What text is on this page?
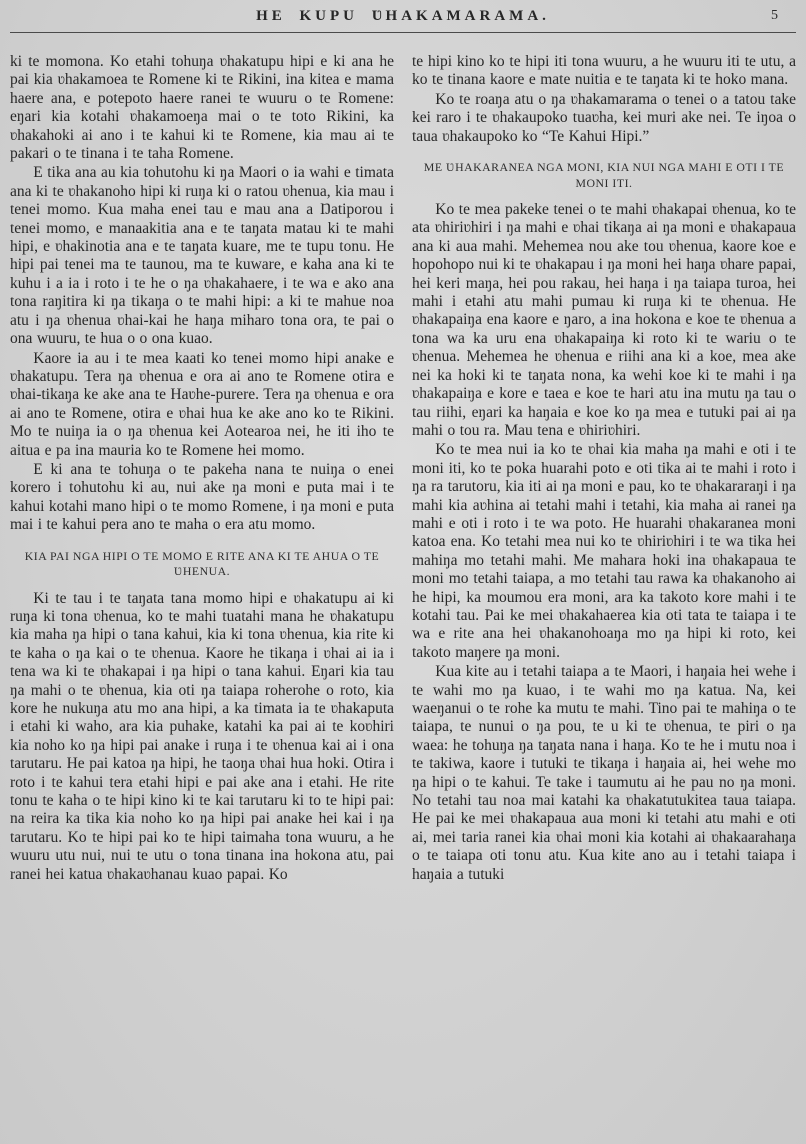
HE KUPU ƲHAKAMARAMA.	5

ki te momona. Ko etahi tohuŋa ʋhakatupu hipi e ki ana he pai kia ʋhakamoea te Romene ki te Rikini, ina kitea e mama haere ana, e potepoto haere ranei te wuuru o te Romene: eŋari kia kotahi ʋhakamoeŋa mai o te toto Rikini, ka ʋhakahoki ai ano i te kahui ki te Romene, kia mau ai te pakari o te tinana i te taha Romene.

E tika ana au kia tohutohu ki ŋa Maori o ia wahi e timata ana ki te ʋhakanoho hipi ki ruŋa ki o ratou ʋhenua, kia mau i tenei momo. Kua maha enei tau e mau ana a Ŋatiporou i tenei momo, e manaakitia ana e te taŋata matau ki te mahi hipi, e ʋhakinotia ana e te taŋata kuare, me te tupu tonu. He hipi pai tenei ma te taunou, ma te kuware, e kaha ana ki te kuhu i a ia i roto i te he o ŋa ʋhakahaere, i te wa e ako ana tona raŋitira ki ŋa tikaŋa o te mahi hipi: a ki te mahue noa atu i ŋa ʋhenua ʋhai-kai he haŋa miharo tona ora, te pai o ona wuuru, te hua o o ona kuao.

Kaore ia au i te mea kaati ko tenei momo hipi anake e ʋhakatupu. Tera ŋa ʋhenua e ora ai ano te Romene otira e ʋhai-tikaŋa ke ake ana te Haʋhe-purere. Tera ŋa ʋhenua e ora ai ano te Romene, otira e ʋhai hua ke ake ano ko te Rikini. Mo te nuiŋa ia o ŋa ʋhenua kei Aotearoa nei, he iti iho te aitua e pa ina mauria ko te Romene hei momo.

E ki ana te tohuŋa o te pakeha nana te nuiŋa o enei korero i tohutohu ki au, nui ake ŋa moni e puta mai i te kahui kotahi mano hipi o te momo Romene, i ŋa moni e puta mai i te kahui pera ano te maha o era atu momo.

KIA PAI NGA HIPI O TE MOMO E RITE ANA KI TE AHUA O TE ƲHENUA.

Ki te tau i te taŋata tana momo hipi e ʋhakatupu ai ki ruŋa ki tona ʋhenua, ko te mahi tuatahi mana he ʋhakatupu kia maha ŋa hipi o tana kahui, kia ki tona ʋhenua, kia rite ki te kaha o ŋa kai o te ʋhenua. Kaore he tikaŋa i ʋhai ai ia i tena wa ki te ʋhakapai i ŋa hipi o tana kahui. Eŋari kia tau ŋa mahi o te ʋhenua, kia oti ŋa taiapa roherohe o roto, kia kore he nukuŋa atu mo ana hipi, a ka timata ia te ʋhakaputa i etahi ki waho, ara kia puhake, katahi ka pai ai te koʋhiri kia noho ko ŋa hipi pai anake i ruŋa i te ʋhenua kai ai i ona tarutaru. He pai katoa ŋa hipi, he taoŋa ʋhai hua hoki. Otira i roto i te kahui tera etahi hipi e pai ake ana i etahi. He rite tonu te kaha o te hipi kino ki te kai tarutaru ki to te hipi pai: na reira ka tika kia noho ko ŋa hipi pai anake hei kai i ŋa tarutaru. Ko te hipi pai ko te hipi taimaha tona wuuru, a he wuuru utu nui, nui te utu o tona tinana ina hokona atu, pai ranei hei katua ʋhakaʋhanau kuao papai. Ko

te hipi kino ko te hipi iti tona wuuru, a he wuuru iti te utu, a ko te tinana kaore e mate nuitia e te taŋata ki te hoko mana.

Ko te roaŋa atu o ŋa ʋhakamarama o tenei o a tatou take kei raro i te ʋhakaupoko tuaʋha, kei muri ake nei. Te iŋoa o taua ʋhakaupoko ko “Te Kahui Hipi.”

ME ƲHAKARANEA NGA MONI, KIA NUI NGA MAHI E OTI I TE MONI ITI.

Ko te mea pakeke tenei o te mahi ʋhakapai ʋhenua, ko te ata ʋhiriʋhiri i ŋa mahi e ʋhai tikaŋa ai ŋa moni e ʋhakapaua ana ki aua mahi. Mehemea nou ake tou ʋhenua, kaore koe e hopohopo nui ki te ʋhakapau i ŋa moni hei haŋa ʋhare papai, hei keri maŋa, hei pou rakau, hei haŋa i ŋa taiapa turoa, hei mahi i etahi atu mahi pumau ki ruŋa ki te ʋhenua. He ʋhakapaiŋa ena kaore e ŋaro, a ina hokona e koe te ʋhenua a tona wa ka uru ena ʋhakapaiŋa ki roto ki te wariu o te ʋhenua. Mehemea he ʋhenua e riihi ana ki a koe, mea ake nei ka hoki ki te taŋata nona, ka wehi koe ki te mahi i ŋa ʋhakapaiŋa e kore e taea e koe te hari atu ina mutu ŋa tau o tau riihi, eŋari ka haŋaia e koe ko ŋa mea e tutuki pai ai ŋa mahi o tou ra. Mau tena e ʋhiriʋhiri.

Ko te mea nui ia ko te ʋhai kia maha ŋa mahi e oti i te moni iti, ko te poka huarahi poto e oti tika ai te mahi i roto i ŋa ra tarutoru, kia iti ai ŋa moni e pau, ko te ʋhakararaŋi i ŋa mahi kia aʋhina ai tetahi mahi i tetahi, kia maha ai ranei ŋa mahi e oti i roto i te wa poto. He huarahi ʋhakaranea moni katoa ena. Ko tetahi mea nui ko te ʋhiriʋhiri i te wa tika hei mahiŋa mo tetahi mahi. Me mahara hoki ina ʋhakapaua te moni mo tetahi taiapa, a mo tetahi tau rawa ka ʋhakanoho ai he hipi, ka moumou era moni, ara ka takoto kore mahi i te kotahi tau. Pai ke mei ʋhakahaerea kia oti tata te taiapa i te wa e rite ana hei ʋhakanohoaŋa mo ŋa hipi ki roto, kei takoto maŋere ŋa moni.

Kua kite au i tetahi taiapa a te Maori, i haŋaia hei wehe i te wahi mo ŋa kuao, i te wahi mo ŋa katua. Na, kei waeŋanui o te rohe ka mutu te mahi. Tino pai te mahiŋa o te taiapa, te nunui o ŋa pou, te u ki te ʋhenua, te piri o ŋa waea: he tohuŋa ŋa taŋata nana i haŋa. Ko te he i mutu noa i te takiwa, kaore i tutuki te tikaŋa i haŋaia ai, hei wehe mo ŋa hipi o te kahui. Te take i taumutu ai he pau no ŋa moni. No tetahi tau noa mai katahi ka ʋhakatutukitea taua taiapa. He pai ke mei ʋhakapaua aua moni ki tetahi atu mahi e oti ai, mei taria ranei kia ʋhai moni kia kotahi ai ʋhakaarahaŋa o te taiapa oti tonu atu. Kua kite ano au i tetahi taiapa i haŋaia a tutuki
